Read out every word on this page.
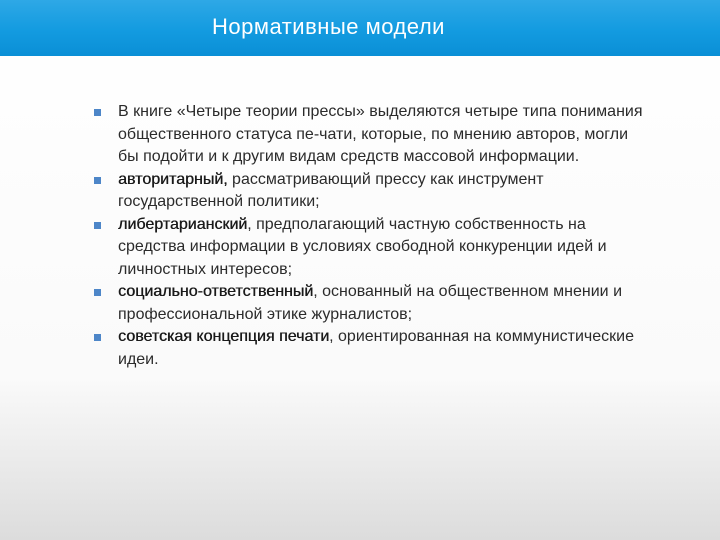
Нормативные модели
В книге «Четыре теории прессы» выделяются четыре типа понимания общественного статуса пе-чати, которые, по мнению авторов, могли бы подойти и к другим видам средств массовой информации.
авторитарный, рассматривающий прессу как инструмент государственной политики;
либертарианский, предполагающий частную собственность на средства информации в условиях свободной конкуренции идей и личностных интересов;
социально-ответственный, основанный на общественном мнении и профессиональной этике журналистов;
советская концепция печати, ориентированная на коммунистические идеи.
